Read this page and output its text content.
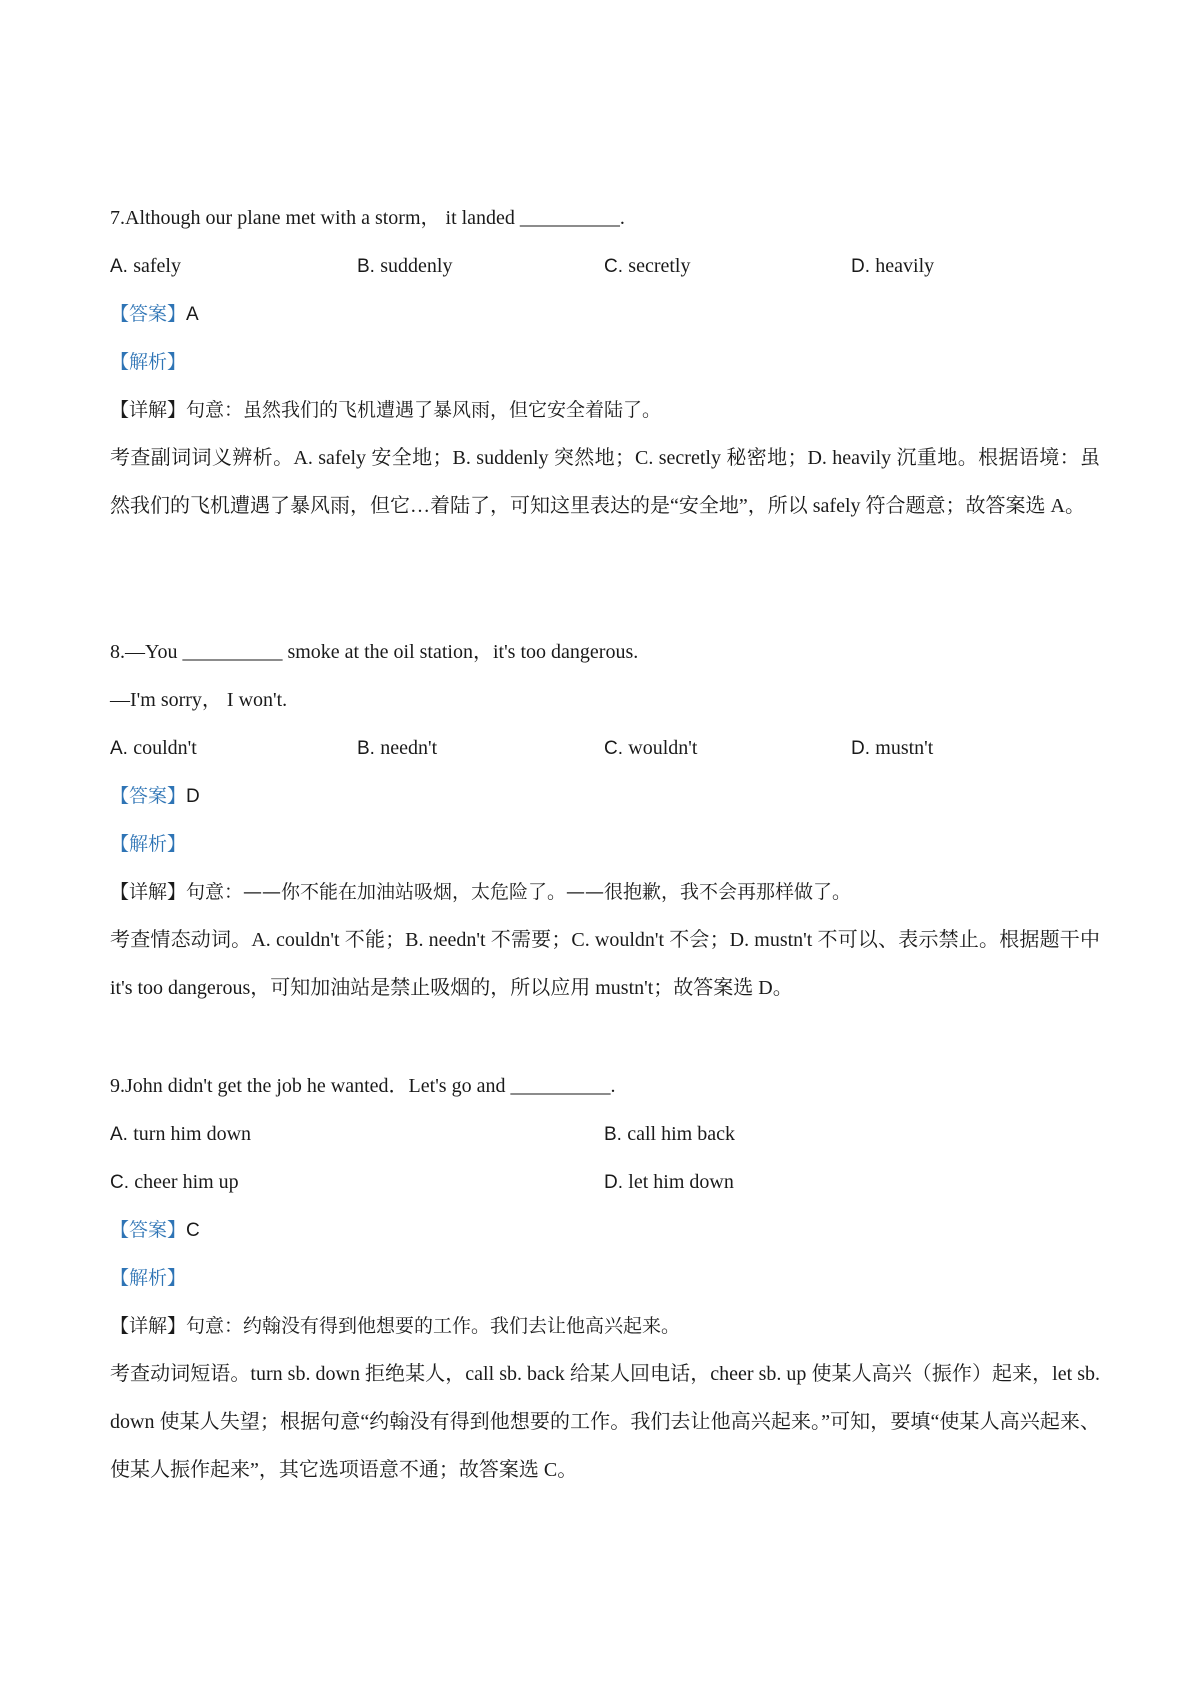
7.Although our plane met with a storm， it landed __________.
A. safely	B. suddenly	C. secretly	D. heavily
【答案】A
【解析】
【详解】句意：虽然我们的飞机遭遇了暴风雨，但它安全着陆了。
考查副词词义辨析。A. safely 安全地；B. suddenly 突然地；C. secretly 秘密地；D. heavily 沉重地。根据语境：虽然我们的飞机遭遇了暴风雨，但它…着陆了，可知这里表达的是“安全地”，所以 safely 符合题意；故答案选 A。
8.—You __________ smoke at the oil station，it's too dangerous.
—I'm sorry， I won't.
A. couldn't	B. needn't	C. wouldn't	D. mustn't
【答案】D
【解析】
【详解】句意：——你不能在加油站吸烟，太危险了。——很抱歉，我不会再那样做了。
考查情态动词。A. couldn't 不能；B. needn't 不需要；C. wouldn't 不会；D. mustn't 不可以、表示禁止。根据题干中 it's too dangerous，可知加油站是禁止吸烟的，所以应用 mustn't；故答案选 D。
9.John didn't get the job he wanted．Let's go and __________.
A. turn him down	B. call him back
C. cheer him up	D. let him down
【答案】C
【解析】
【详解】句意：约翰没有得到他想要的工作。我们去让他高兴起来。
考查动词短语。turn sb. down 拒绝某人，call sb. back 给某人回电话，cheer sb. up 使某人高兴（振作）起来，let sb. down 使某人失望；根据句意“约翰没有得到他想要的工作。我们去让他高兴起来。”可知，要填“使某人高兴起来、使某人振作起来”，其它选项语意不通；故答案选 C。
